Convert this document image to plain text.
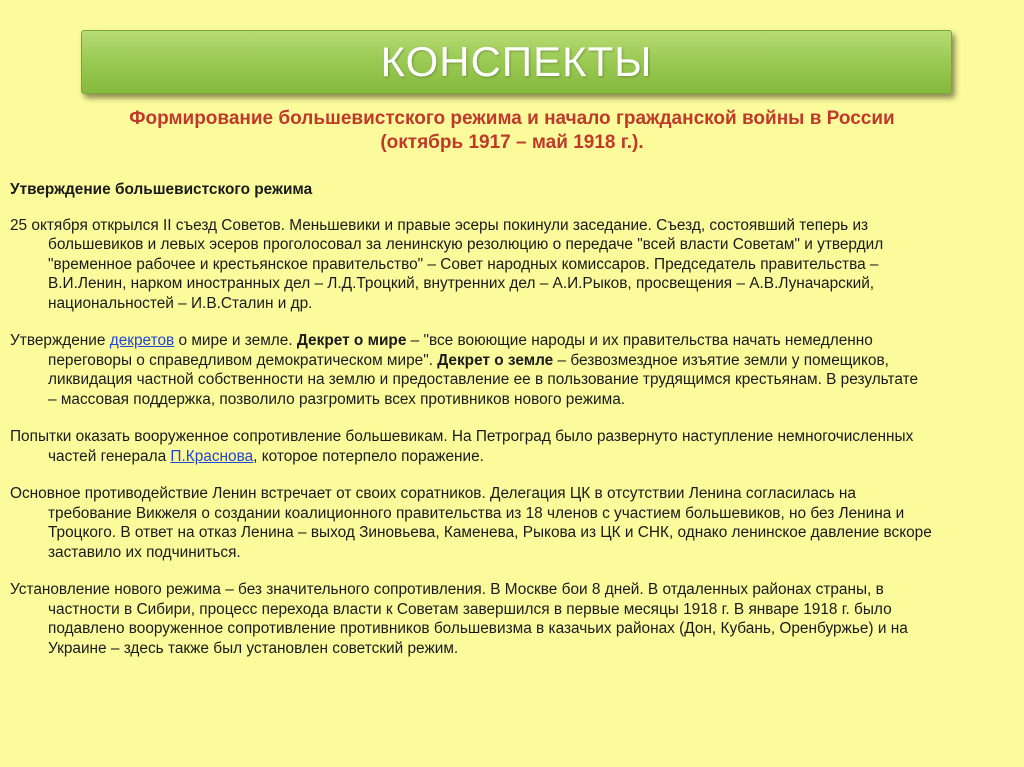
КОНСПЕКТЫ
Формирование большевистского режима и начало гражданской войны в России
(октябрь 1917 – май 1918 г.).
Утверждение большевистского режима
25 октября открылся II съезд Советов. Меньшевики и правые эсеры покинули заседание. Съезд, состоявший теперь из
большевиков и левых эсеров проголосовал за ленинскую резолюцию о передаче "всей власти Советам" и утвердил
"временное рабочее и крестьянское правительство" – Совет народных комиссаров. Председатель правительства –
В.И.Ленин, нарком иностранных дел – Л.Д.Троцкий, внутренних дел – А.И.Рыков, просвещения – А.В.Луначарский,
национальностей – И.В.Сталин и др.
Утверждение декретов о мире и земле. Декрет о мире – "все воюющие народы и их правительства начать немедленно
переговоры о справедливом демократическом мире". Декрет о земле – безвозмездное изъятие земли у помещиков,
ликвидация частной собственности на землю и предоставление ее в пользование трудящимся крестьянам. В результате
– массовая поддержка, позволило разгромить всех противников нового режима.
Попытки оказать вооруженное сопротивление большевикам. На Петроград было развернуто наступление немногочисленных
частей генерала П.Краснова, которое потерпело поражение.
Основное противодействие Ленин встречает от своих соратников. Делегация ЦК в отсутствии Ленина согласилась на
требование Викжеля о создании коалиционного правительства из 18 членов с участием большевиков, но без Ленина и
Троцкого. В ответ на отказ Ленина – выход Зиновьева, Каменева, Рыкова из ЦК и СНК, однако ленинское давление вскоре
заставило их подчиниться.
Установление нового режима – без значительного сопротивления. В Москве бои 8 дней. В отдаленных районах страны, в
частности в Сибири, процесс перехода власти к Советам завершился в первые месяцы 1918 г. В январе 1918 г. было
подавлено вооруженное сопротивление противников большевизма в казачьих районах (Дон, Кубань, Оренбуржье) и на
Украине – здесь также был установлен советский режим.
